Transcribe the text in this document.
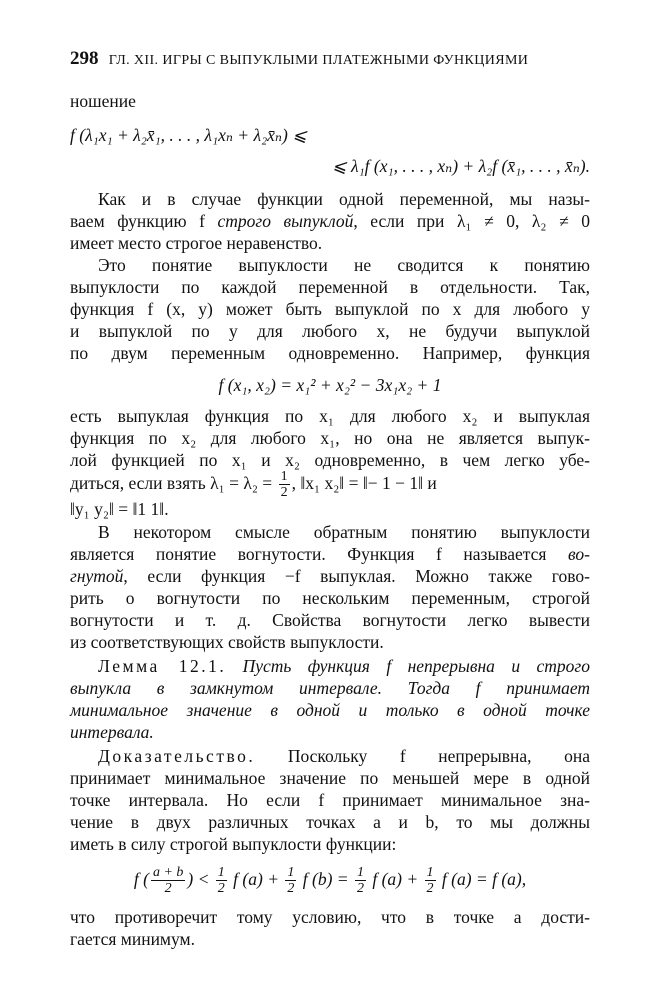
298 ГЛ. XII. ИГРЫ С ВЫПУКЛЫМИ ПЛАТЕЖНЫМИ ФУНКЦИЯМИ
ношение
f (λ₁x₁ + λ₂x̄₁, . . . , λ₁xₙ + λ₂x̄ₙ) ⩽
⩽ λ₁f (x₁, . . . , xₙ) + λ₂f (x̄₁, . . . , x̄ₙ).
Как и в случае функции одной переменной, мы назы-
ваем функцию f строго выпуклой, если при λ₁ ≠ 0, λ₂ ≠ 0
имеет место строгое неравенство.
Это понятие выпуклости не сводится к понятию
выпуклости по каждой переменной в отдельности. Так,
функция f (x, y) может быть выпуклой по x для любого y
и выпуклой по y для любого x, не будучи выпуклой
по двум переменным одновременно. Например, функция
f (x₁, x₂) = x₁² + x₂² − 3x₁x₂ + 1
есть выпуклая функция по x₁ для любого x₂ и выпуклая
функция по x₂ для любого x₁, но она не является выпук-
лой функцией по x₁ и x₂ одновременно, в чем легко убе-
диться, если взять $\lambda_1 = \lambda_2 = \frac{1}{2}$ , ‖x₁ x₂‖ = ‖− 1 − 1‖ и
‖y₁ y₂‖ = ‖1 1‖.
В некотором смысле обратным понятию выпуклости
является понятие вогнутости. Функция f называется во-
гнутой, если функция −f выпуклая. Можно также гово-
рить о вогнутости по нескольким переменным, строгой
вогнутости и т. д. Свойства вогнутости легко вывести
из соответствующих свойств выпуклости.
Лемма 12.1. Пусть функция f непрерывна и строго
выпукла в замкнутом интервале. Тогда f принимает
минимальное значение в одной и только в одной точке
интервала.
Доказательство. Поскольку f непрерывна, она
принимает минимальное значение по меньшей мере в одной
точке интервала. Но если f принимает минимальное зна-
чение в двух различных точках a и b, то мы должны
иметь в силу строгой выпуклости функции:
f ( $\frac{a + b}{2}$ ) < $\frac{1}{2}$ f $(a) + \frac{1}{2}$ f $(b) = \frac{1}{2}$ f $(a) + \frac{1}{2}$ f (a) = f (a),
что противоречит тому условию, что в точке a дости-
гается минимум.
